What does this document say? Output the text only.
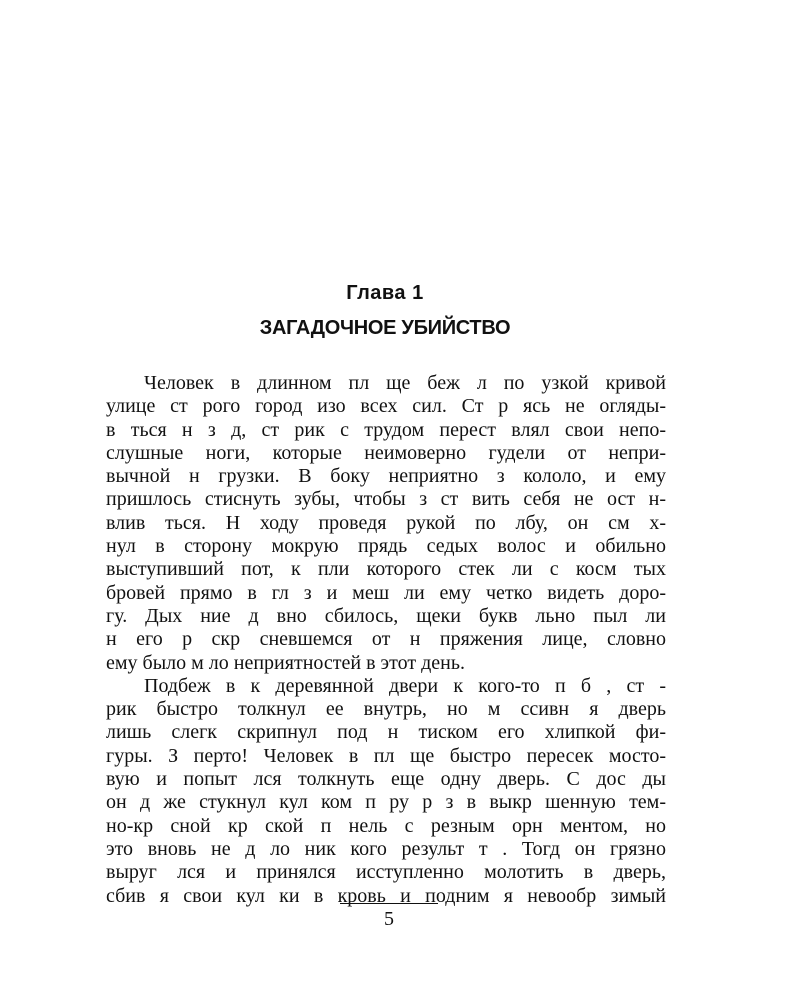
Глава 1
ЗАГАДОЧНОЕ УБИЙСТВО
Человек в длинном пл ще беж л по узкой кривой
улице ст рого город изо всех сил. Ст р ясь не огляды-
в ться н з д, ст рик с трудом перест влял свои непо-
слушные ноги, которые неимоверно гудели от непри-
вычной н грузки. В боку неприятно з кололо, и ему
пришлось стиснуть зубы, чтобы з ст вить себя не ост н-
влив ться. Н ходу проведя рукой по лбу, он см х-
нул в сторону мокрую прядь седых волос и обильно
выступивший пот, к пли которого стек ли с косм тых
бровей прямо в гл з и меш ли ему четко видеть доро-
гу. Дых ние д вно сбилось, щеки букв льно пыл ли
н его р скр сневшемся от н пряжения лице, словно
ему было м ло неприятностей в этот день.
Подбеж в к деревянной двери к кого-то п б , ст -
рик быстро толкнул ее внутрь, но м ссивн я дверь
лишь слегк скрипнул под н тиском его хлипкой фи-
гуры. З перто! Человек в пл ще быстро пересек мосто-
вую и попыт лся толкнуть еще одну дверь. С дос ды
он д же стукнул кул ком п ру р з в выкр шенную тем-
но-кр сной кр ской п нель с резным орн ментом, но
это вновь не д ло ник кого результ т . Тогд он грязно
выруг лся и принялся исступленно молотить в дверь,
сбив я свои кул ки в кровь и подним я невообр зимый
5
